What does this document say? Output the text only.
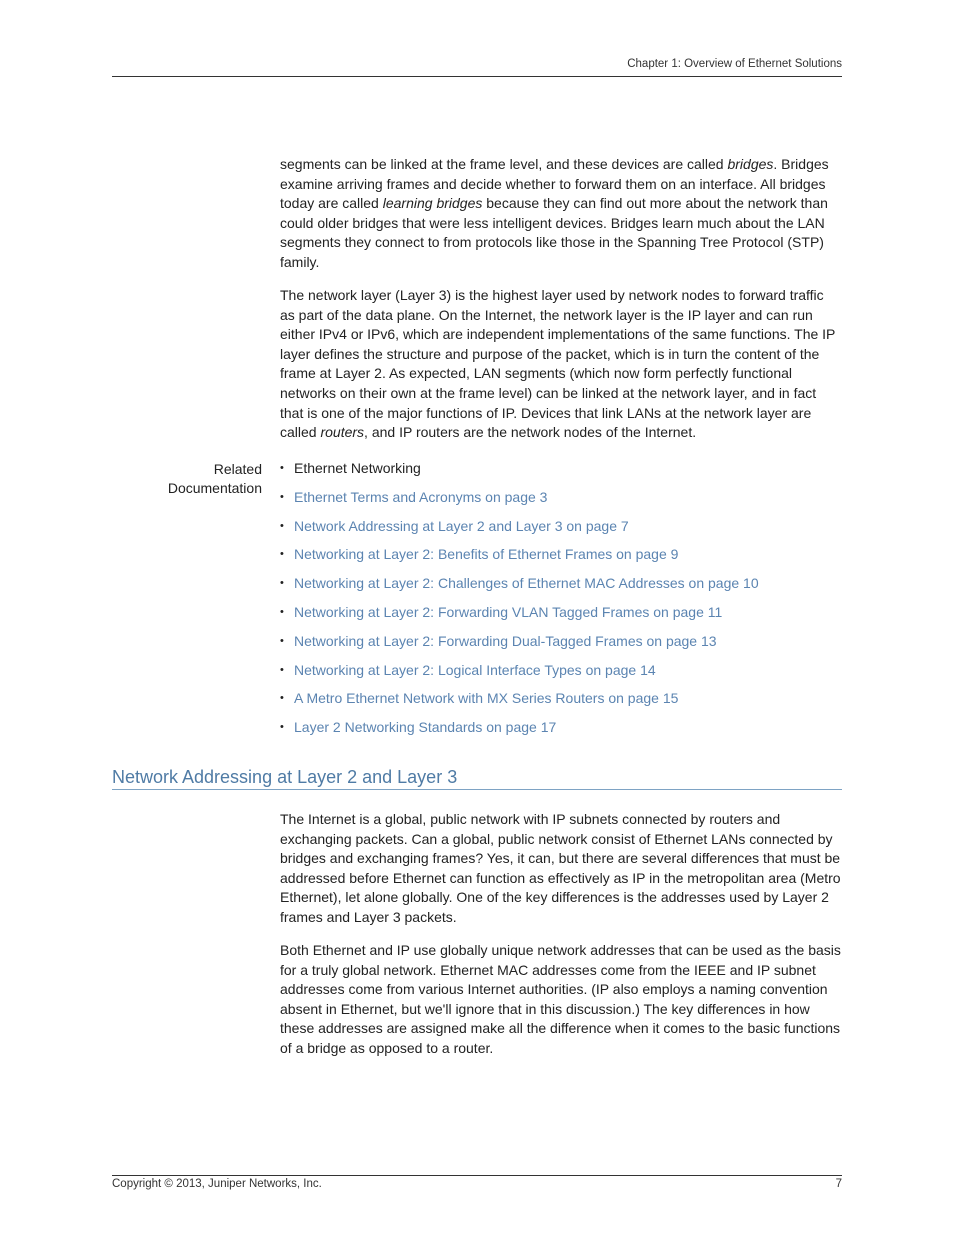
Chapter 1: Overview of Ethernet Solutions

segments can be linked at the frame level, and these devices are called bridges. Bridges examine arriving frames and decide whether to forward them on an interface. All bridges today are called learning bridges because they can find out more about the network than could older bridges that were less intelligent devices. Bridges learn much about the LAN segments they connect to from protocols like those in the Spanning Tree Protocol (STP) family.

The network layer (Layer 3) is the highest layer used by network nodes to forward traffic as part of the data plane. On the Internet, the network layer is the IP layer and can run either IPv4 or IPv6, which are independent implementations of the same functions. The IP layer defines the structure and purpose of the packet, which is in turn the content of the frame at Layer 2. As expected, LAN segments (which now form perfectly functional networks on their own at the frame level) can be linked at the network layer, and in fact that is one of the major functions of IP. Devices that link LANs at the network layer are called routers, and IP routers are the network nodes of the Internet.

Related
Documentation
• Ethernet Networking
• Ethernet Terms and Acronyms on page 3
• Network Addressing at Layer 2 and Layer 3 on page 7
• Networking at Layer 2: Benefits of Ethernet Frames on page 9
• Networking at Layer 2: Challenges of Ethernet MAC Addresses on page 10
• Networking at Layer 2: Forwarding VLAN Tagged Frames on page 11
• Networking at Layer 2: Forwarding Dual-Tagged Frames on page 13
• Networking at Layer 2: Logical Interface Types on page 14
• A Metro Ethernet Network with MX Series Routers on page 15
• Layer 2 Networking Standards on page 17
Network Addressing at Layer 2 and Layer 3

The Internet is a global, public network with IP subnets connected by routers and exchanging packets. Can a global, public network consist of Ethernet LANs connected by bridges and exchanging frames? Yes, it can, but there are several differences that must be addressed before Ethernet can function as effectively as IP in the metropolitan area (Metro Ethernet), let alone globally. One of the key differences is the addresses used by Layer 2 frames and Layer 3 packets.

Both Ethernet and IP use globally unique network addresses that can be used as the basis for a truly global network. Ethernet MAC addresses come from the IEEE and IP subnet addresses come from various Internet authorities. (IP also employs a naming convention absent in Ethernet, but we'll ignore that in this discussion.) The key differences in how these addresses are assigned make all the difference when it comes to the basic functions of a bridge as opposed to a router.

Copyright © 2013, Juniper Networks, Inc.	7
